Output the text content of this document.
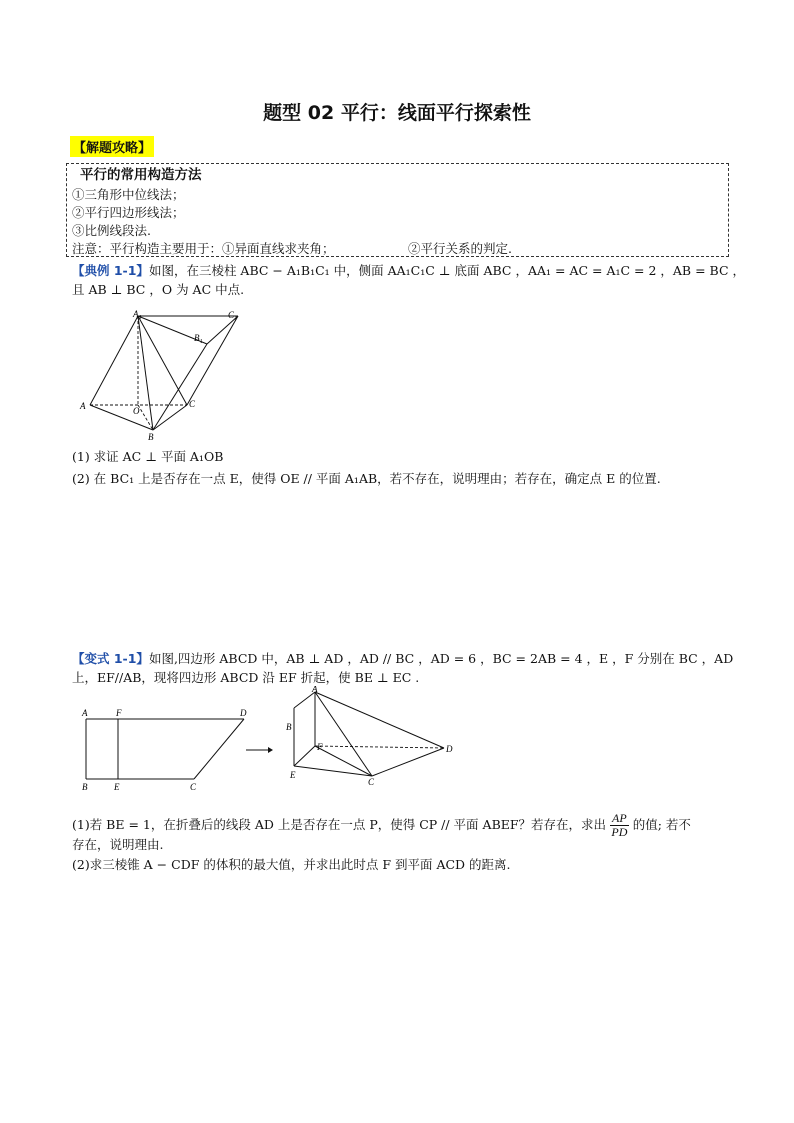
题型 02 平行：线面平行探索性
【解题攻略】
平行的常用构造方法
①三角形中位线法；
②平行四边形线法；
③比例线段法.
注意：平行构造主要用于：①异面直线求夹角；	②平行关系的判定.
【典例 1-1】如图，在三棱柱 ABC − A₁B₁C₁ 中，侧面 AA₁C₁C ⊥ 底面 ABC ，AA₁ = AC = A₁C = 2 ，AB = BC ，
且 AB ⊥ BC ，O 为 AC 中点.
A₁	C₁
B₁
A	O
C
B
(1) 求证 AC ⊥ 平面 A₁OB
(2) 在 BC₁ 上是否存在一点 E，使得 OE // 平面 A₁AB，若不存在，说明理由；若存在，确定点 E 的位置.
【变式 1-1】如图,四边形 ABCD 中，AB ⊥ AD ，AD // BC ，AD = 6 ，BC = 2AB = 4 ，E ，F 分别在 BC ，AD
上，EF//AB，现将四边形 ABCD 沿 EF 折起，使 BE ⊥ EC .
A	F	D
B	E	C
A
B
F	D
E
C
(1)若 BE = 1，在折叠后的线段 AD 上是否存在一点 P，使得 CP // 平面 ABEF？若存在，求出 $\frac{AP}{PD}$ 的值; 若不
存在，说明理由.
(2)求三棱锥 A − CDF 的体积的最大值，并求出此时点 F 到平面 ACD 的距离.
